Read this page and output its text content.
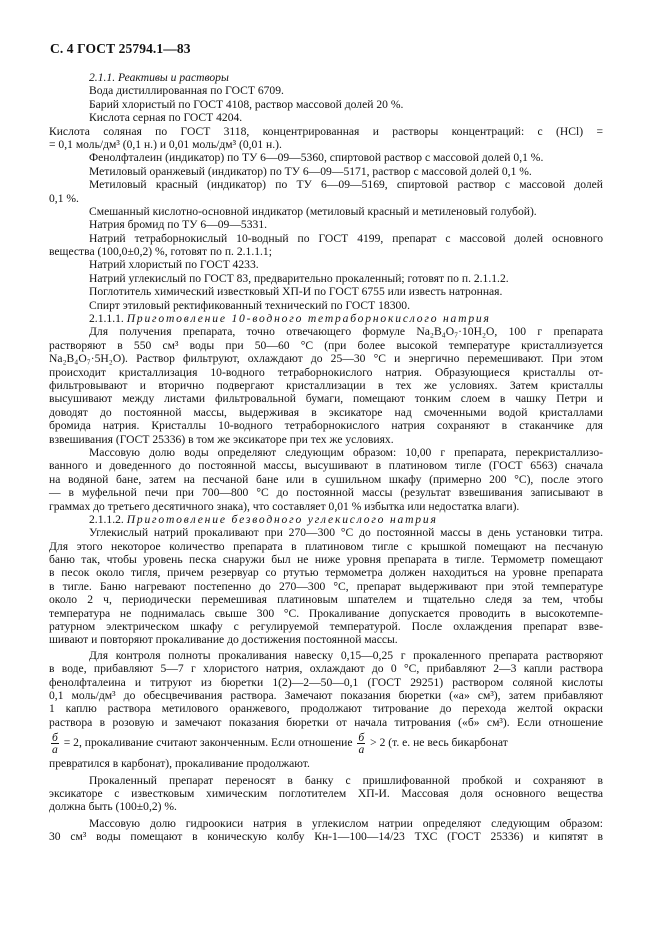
С. 4 ГОСТ 25794.1—83
2.1.1. Реактивы и растворы
Вода дистиллированная по ГОСТ 6709.
Барий хлористый по ГОСТ 4108, раствор массовой долей 20 %.
Кислота серная по ГОСТ 4204.
Кислота соляная по ГОСТ 3118, концентрированная и растворы концентраций: c (HCl) =
= 0,1 моль/дм³ (0,1 н.) и 0,01 моль/дм³ (0,01 н.).
Фенолфталеин (индикатор) по ТУ 6—09—5360, спиртовой раствор с массовой долей 0,1 %.
Метиловый оранжевый (индикатор) по ТУ 6—09—5171, раствор с массовой долей 0,1 %.
Метиловый красный (индикатор) по ТУ 6—09—5169, спиртовой раствор с массовой долей
0,1 %.
Смешанный кислотно-основной индикатор (метиловый красный и метиленовый голубой).
Натрия бромид по ТУ 6—09—5331.
Натрий тетраборнокислый 10-водный по ГОСТ 4199, препарат с массовой долей основного
вещества (100,0±0,2) %, готовят по п. 2.1.1.1;
Натрий хлористый по ГОСТ 4233.
Натрий углекислый по ГОСТ 83, предварительно прокаленный; готовят по п. 2.1.1.2.
Поглотитель химический известковый ХП-И по ГОСТ 6755 или известь натронная.
Спирт этиловый ректификованный технический по ГОСТ 18300.
2.1.1.1. Приготовление 10-водного тетраборнокислого натрия
Для получения препарата, точно отвечающего формуле Na₂B₄O₇·10H₂O, 100 г препарата
растворяют в 550 см³ воды при 50—60 °С (при более высокой температуре кристаллизуется
Na₂B₄O₇·5H₂O). Раствор фильтруют, охлаждают до 25—30 °С и энергично перемешивают. При этом
происходит кристаллизация 10-водного тетраборнокислого натрия. Образующиеся кристаллы от-
фильтровывают и вторично подвергают кристаллизации в тех же условиях. Затем кристаллы
высушивают между листами фильтровальной бумаги, помещают тонким слоем в чашку Петри и
доводят до постоянной массы, выдерживая в эксикаторе над смоченными водой кристаллами
бромида натрия. Кристаллы 10-водного тетраборнокислого натрия сохраняют в стаканчике для
взвешивания (ГОСТ 25336) в том же эксикаторе при тех же условиях.
Массовую долю воды определяют следующим образом: 10,00 г препарата, перекристаллизо-
ванного и доведенного до постоянной массы, высушивают в платиновом тигле (ГОСТ 6563) сначала
на водяной бане, затем на песчаной бане или в сушильном шкафу (примерно 200 °С), после этого
— в муфельной печи при 700—800 °С до постоянной массы (результат взвешивания записывают в
граммах до третьего десятичного знака), что составляет 0,01 % избытка или недостатка влаги).
2.1.1.2. Приготовление безводного углекислого натрия
Углекислый натрий прокаливают при 270—300 °С до постоянной массы в день установки титра.
Для этого некоторое количество препарата в платиновом тигле с крышкой помещают на песчаную
баню так, чтобы уровень песка снаружи был не ниже уровня препарата в тигле. Термометр помещают
в песок около тигля, причем резервуар со ртутью термометра должен находиться на уровне препарата
в тигле. Баню нагревают постепенно до 270—300 °С, препарат выдерживают при этой температуре
около 2 ч, периодически перемешивая платиновым шпателем и тщательно следя за тем, чтобы
температура не поднималась свыше 300 °С. Прокаливание допускается проводить в высокотемпе-
ратурном электрическом шкафу с регулируемой температурой. После охлаждения препарат взве-
шивают и повторяют прокаливание до достижения постоянной массы.
Для контроля полноты прокаливания навеску 0,15—0,25 г прокаленного препарата растворяют
в воде, прибавляют 5—7 г хлористого натрия, охлаждают до 0 °С, прибавляют 2—3 капли раствора
фенолфталеина и титруют из бюретки 1(2)—2—50—0,1 (ГОСТ 29251) раствором соляной кислоты
0,1 моль/дм³ до обесцвечивания раствора. Замечают показания бюретки («а» см³), затем прибавляют
1 каплю раствора метилового оранжевого, продолжают титрование до перехода желтой окраски
раствора в розовую и замечают показания бюретки от начала титрования («б» см³). Если отношение
$\frac{б}{а} = 2$, прокаливание считают законченным. Если отношение $\frac{б}{а} > 2$ (т. е. не весь бикарбонат
превратился в карбонат), прокаливание продолжают.
Прокаленный препарат переносят в банку с пришлифованной пробкой и сохраняют в
эксикаторе с известковым химическим поглотителем ХП-И. Массовая доля основного вещества
должна быть (100±0,2) %.
Массовую долю гидроокиси натрия в углекислом натрии определяют следующим образом:
30 см³ воды помещают в коническую колбу Кн-1—100—14/23 ТХС (ГОСТ 25336) и кипятят в
